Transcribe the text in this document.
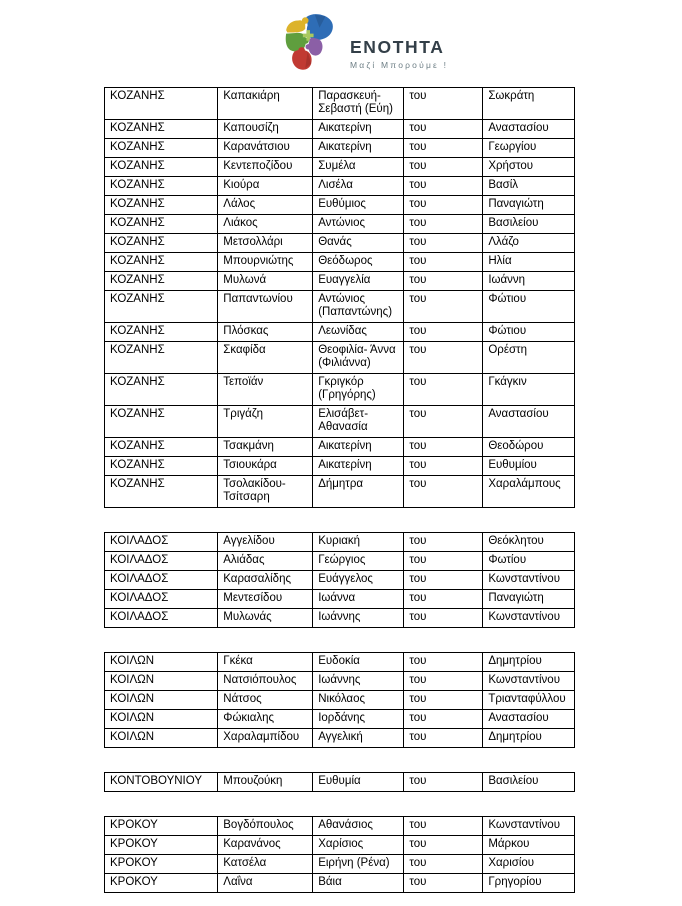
ΕΝΟΤΗΤΑ
Μαζί Μπορούμε !
ΚΟΖΑΝΗΣ	Καπακιάρη	Παρασκευή-Σεβαστή (Εύη)	του	Σωκράτη
ΚΟΖΑΝΗΣ	Καπουσίζη	Αικατερίνη	του	Αναστασίου
ΚΟΖΑΝΗΣ	Καρανάτσιου	Αικατερίνη	του	Γεωργίου
ΚΟΖΑΝΗΣ	Κεντεποζίδου	Συμέλα	του	Χρήστου
ΚΟΖΑΝΗΣ	Κιούρα	Λισέλα	του	Βασίλ
ΚΟΖΑΝΗΣ	Λάλος	Ευθύμιος	του	Παναγιώτη
ΚΟΖΑΝΗΣ	Λιάκος	Αντώνιος	του	Βασιλείου
ΚΟΖΑΝΗΣ	Μετσολλάρι	Θανάς	του	Λλάζο
ΚΟΖΑΝΗΣ	Μπουρνιώτης	Θεόδωρος	του	Ηλία
ΚΟΖΑΝΗΣ	Μυλωνά	Ευαγγελία	του	Ιωάννη
ΚΟΖΑΝΗΣ	Παπαντωνίου	Αντώνιος (Παπαντώνης)	του	Φώτιου
ΚΟΖΑΝΗΣ	Πλόσκας	Λεωνίδας	του	Φώτιου
ΚΟΖΑΝΗΣ	Σκαφίδα	Θεοφιλία- Άννα (Φιλιάννα)	του	Ορέστη
ΚΟΖΑΝΗΣ	Τεποϊάν	Γκριγκόρ (Γρηγόρης)	του	Γκάγκιν
ΚΟΖΑΝΗΣ	Τριγάζη	Ελισάβετ-Αθανασία	του	Αναστασίου
ΚΟΖΑΝΗΣ	Τσακμάνη	Αικατερίνη	του	Θεοδώρου
ΚΟΖΑΝΗΣ	Τσιουκάρα	Αικατερίνη	του	Ευθυμίου
ΚΟΖΑΝΗΣ	Τσολακίδου-Τσίτσαρη	Δήμητρα	του	Χαραλάμπους
ΚΟΙΛΑΔΟΣ	Αγγελίδου	Κυριακή	του	Θεόκλητου
ΚΟΙΛΑΔΟΣ	Αλιάδας	Γεώργιος	του	Φωτίου
ΚΟΙΛΑΔΟΣ	Καρασαλίδης	Ευάγγελος	του	Κωνσταντίνου
ΚΟΙΛΑΔΟΣ	Μεντεσίδου	Ιωάννα	του	Παναγιώτη
ΚΟΙΛΑΔΟΣ	Μυλωνάς	Ιωάννης	του	Κωνσταντίνου
ΚΟΙΛΩΝ	Γκέκα	Ευδοκία	του	Δημητρίου
ΚΟΙΛΩΝ	Νατσιόπουλος	Ιωάννης	του	Κωνσταντίνου
ΚΟΙΛΩΝ	Νάτσος	Νικόλαος	του	Τριανταφύλλου
ΚΟΙΛΩΝ	Φώκιαλης	Ιορδάνης	του	Αναστασίου
ΚΟΙΛΩΝ	Χαραλαμπίδου	Αγγελική	του	Δημητρίου
ΚΟΝΤΟΒΟΥΝΙΟΥ	Μπουζούκη	Ευθυμία	του	Βασιλείου
ΚΡΟΚΟΥ	Βογδόπουλος	Αθανάσιος	του	Κωνσταντίνου
ΚΡΟΚΟΥ	Καρανάνος	Χαρίσιος	του	Μάρκου
ΚΡΟΚΟΥ	Κατσέλα	Ειρήνη (Ρένα)	του	Χαρισίου
ΚΡΟΚΟΥ	Λαΐνα	Βάια	του	Γρηγορίου
